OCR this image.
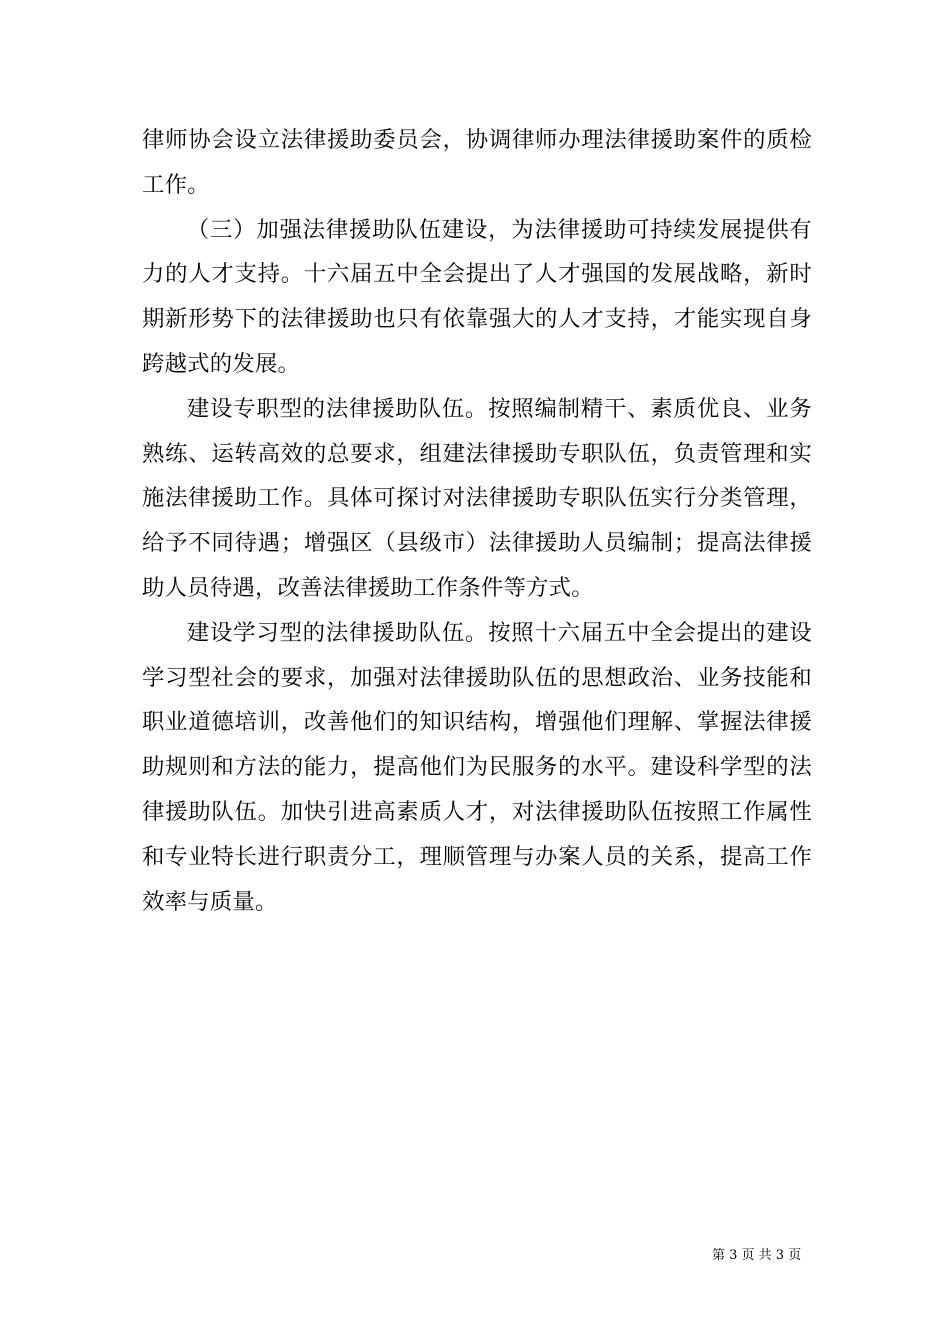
律师协会设立法律援助委员会，协调律师办理法律援助案件的质检工作。

（三）加强法律援助队伍建设，为法律援助可持续发展提供有力的人才支持。十六届五中全会提出了人才强国的发展战略，新时期新形势下的法律援助也只有依靠强大的人才支持，才能实现自身跨越式的发展。

建设专职型的法律援助队伍。按照编制精干、素质优良、业务熟练、运转高效的总要求，组建法律援助专职队伍，负责管理和实施法律援助工作。具体可探讨对法律援助专职队伍实行分类管理，给予不同待遇；增强区（县级市）法律援助人员编制；提高法律援助人员待遇，改善法律援助工作条件等方式。

建设学习型的法律援助队伍。按照十六届五中全会提出的建设学习型社会的要求，加强对法律援助队伍的思想政治、业务技能和职业道德培训，改善他们的知识结构，增强他们理解、掌握法律援助规则和方法的能力，提高他们为民服务的水平。建设科学型的法律援助队伍。加快引进高素质人才，对法律援助队伍按照工作属性和专业特长进行职责分工，理顺管理与办案人员的关系，提高工作效率与质量。

第 3 页 共 3 页
